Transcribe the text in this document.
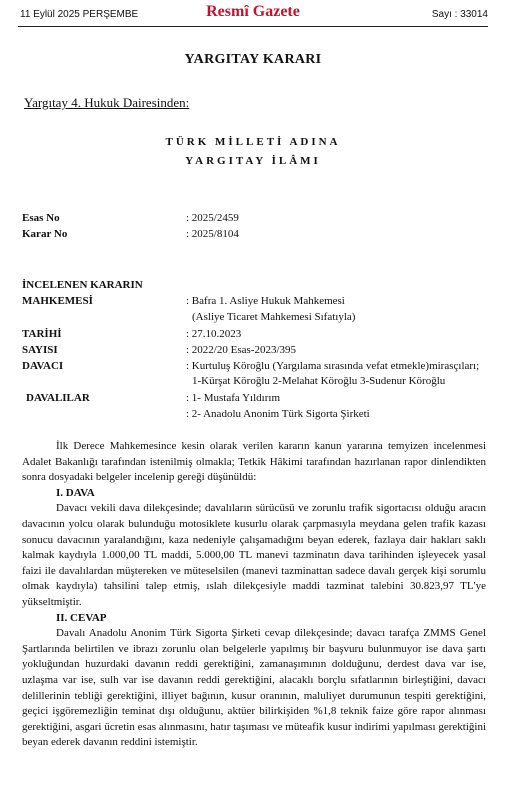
11 Eylül 2025 PERŞEMBE	Resmî Gazete	Sayı : 33014
YARGITAY KARARI
Yargıtay 4. Hukuk Dairesinden:
TÜRK MİLLETİ ADINA
YARGITAY İLÂMI
Esas No	: 2025/2459
Karar No	: 2025/8104
İNCELENEN KARARIN
MAHKEMESİ	: Bafra 1. Asliye Hukuk Mahkemesi
(Asliye Ticaret Mahkemesi Sıfatıyla)
TARİHİ	: 27.10.2023
SAYISI	: 2022/20 Esas-2023/395
DAVACI	: Kurtuluş Köroğlu (Yargılama sırasında vefat etmekle)mirasçıları;
1-Kürşat Köroğlu 2-Melahat Köroğlu 3-Sudenur Köroğlu
DAVALILAR	: 1- Mustafa Yıldırım
: 2- Anadolu Anonim Türk Sigorta Şirketi

İlk Derece Mahkemesince kesin olarak verilen kararın kanun yararına temyizen incelenmesi Adalet Bakanlığı tarafından istenilmiş olmakla; Tetkik Hâkimi tarafından hazırlanan rapor dinlendikten sonra dosyadaki belgeler incelenip gereği düşünüldü:

I. DAVA

Davacı vekili dava dilekçesinde; davalıların sürücüsü ve zorunlu trafik sigortacısı olduğu aracın davacının yolcu olarak bulunduğu motosiklete kusurlu olarak çarpmasıyla meydana gelen trafik kazası sonucu davacının yaralandığını, kaza nedeniyle çalışamadığını beyan ederek, fazlaya dair hakları saklı kalmak kaydıyla 1.000,00 TL maddi, 5.000,00 TL manevi tazminatın dava tarihinden işleyecek yasal faizi ile davalılardan müştereken ve müteselsilen (manevi tazminattan sadece davalı gerçek kişi sorumlu olmak kaydıyla) tahsilini talep etmiş, ıslah dilekçesiyle maddi tazminat talebini 30.823,97 TL'ye yükseltmiştir.

II. CEVAP

Davalı Anadolu Anonim Türk Sigorta Şirketi cevap dilekçesinde; davacı tarafça ZMMS Genel Şartlarında belirtilen ve ibrazı zorunlu olan belgelerle yapılmış bir başvuru bulunmuyor ise dava şartı yokluğundan huzurdaki davanın reddi gerektiğini, zamanaşımının dolduğunu, derdest dava var ise, uzlaşma var ise, sulh var ise davanın reddi gerektiğini, alacaklı borçlu sıfatlarının birleştiğini, davacı delillerinin tebliği gerektiğini, illiyet bağının, kusur oranının, maluliyet durumunun tespiti gerektiğini, geçici işgöremezliğin teminat dışı olduğunu, aktüer bilirkişiden %1,8 teknik faize göre rapor alınması gerektiğini, asgari ücretin esas alınmasını, hatır taşıması ve müteafik kusur indirimi yapılması gerektiğini beyan ederek davanın reddini istemiştir.
